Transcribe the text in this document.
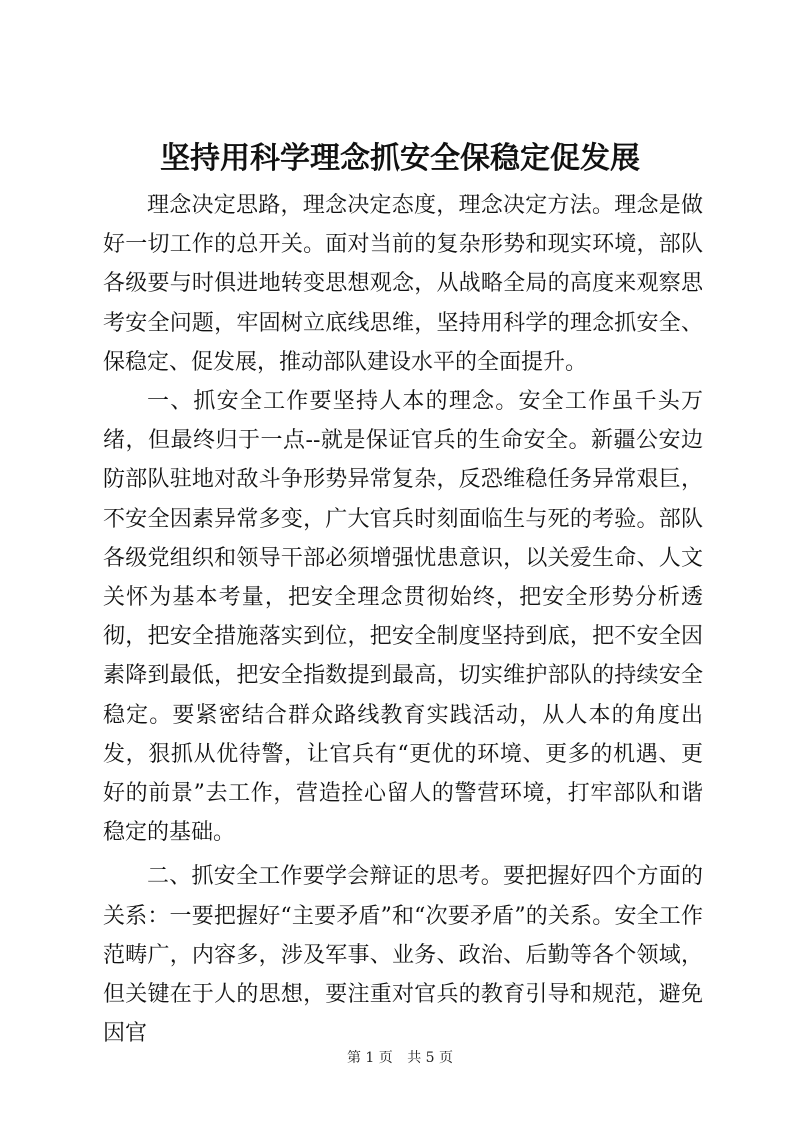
坚持用科学理念抓安全保稳定促发展

理念决定思路，理念决定态度，理念决定方法。理念是做好一切工作的总开关。面对当前的复杂形势和现实环境，部队各级要与时俱进地转变思想观念，从战略全局的高度来观察思考安全问题，牢固树立底线思维，坚持用科学的理念抓安全、保稳定、促发展，推动部队建设水平的全面提升。

一、抓安全工作要坚持人本的理念。安全工作虽千头万绪，但最终归于一点--就是保证官兵的生命安全。新疆公安边防部队驻地对敌斗争形势异常复杂，反恐维稳任务异常艰巨，不安全因素异常多变，广大官兵时刻面临生与死的考验。部队各级党组织和领导干部必须增强忧患意识，以关爱生命、人文关怀为基本考量，把安全理念贯彻始终，把安全形势分析透彻，把安全措施落实到位，把安全制度坚持到底，把不安全因素降到最低，把安全指数提到最高，切实维护部队的持续安全稳定。要紧密结合群众路线教育实践活动，从人本的角度出发，狠抓从优待警，让官兵有“更优的环境、更多的机遇、更好的前景”去工作，营造拴心留人的警营环境，打牢部队和谐稳定的基础。

二、抓安全工作要学会辩证的思考。要把握好四个方面的关系：一要把握好“主要矛盾”和“次要矛盾”的关系。安全工作范畴广，内容多，涉及军事、业务、政治、后勤等各个领域，但关键在于人的思想，要注重对官兵的教育引导和规范，避免因官

第 1 页 共 5 页
